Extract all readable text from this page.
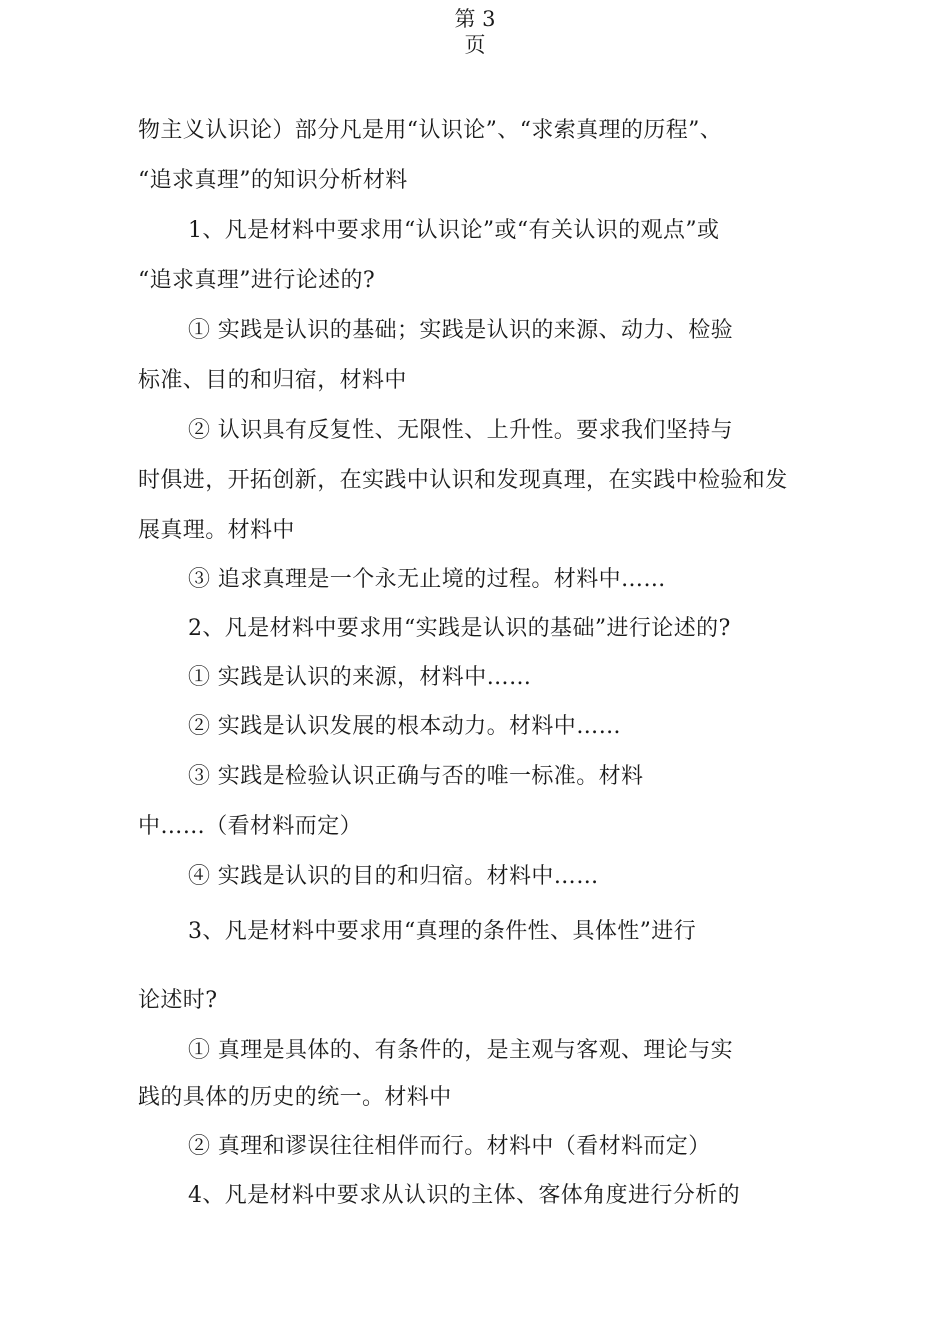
第 3
页
物主义认识论）部分凡是用“认识论”、“求索真理的历程”、
“追求真理”的知识分析材料
1、凡是材料中要求用“认识论”或“有关认识的观点”或
“追求真理”进行论述的?
① 实践是认识的基础；实践是认识的来源、动力、检验
标准、目的和归宿，材料中
② 认识具有反复性、无限性、上升性。要求我们坚持与
时俱进，开拓创新，在实践中认识和发现真理，在实践中检验和发
展真理。材料中
③ 追求真理是一个永无止境的过程。材料中……
2、凡是材料中要求用“实践是认识的基础”进行论述的?
① 实践是认识的来源，材料中……
② 实践是认识发展的根本动力。材料中……
③ 实践是检验认识正确与否的唯一标准。材料
中……（看材料而定）
④ 实践是认识的目的和归宿。材料中……
3、凡是材料中要求用“真理的条件性、具体性”进行
论述时?
① 真理是具体的、有条件的，是主观与客观、理论与实
践的具体的历史的统一。材料中
② 真理和谬误往往相伴而行。材料中（看材料而定）
4、凡是材料中要求从认识的主体、客体角度进行分析的
